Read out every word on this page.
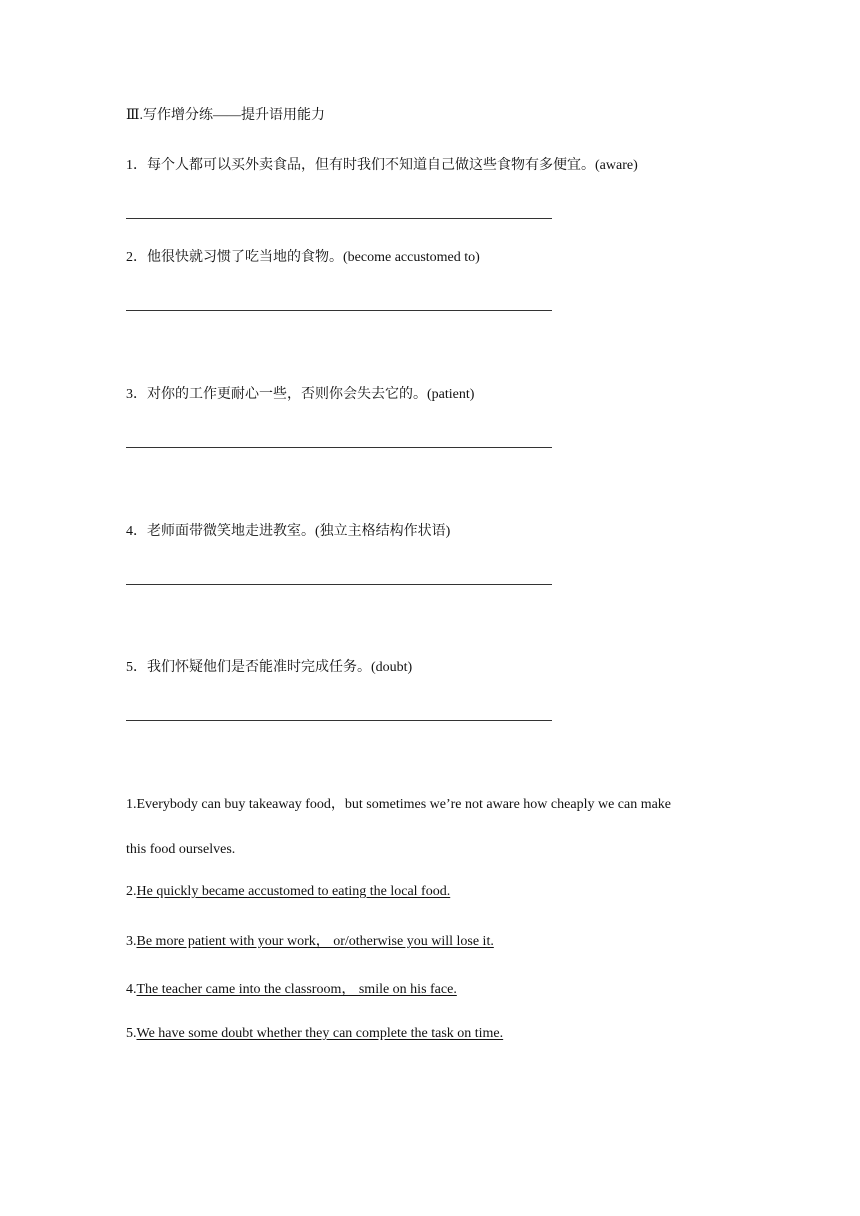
Ⅲ.写作增分练——提升语用能力
1．每个人都可以买外卖食品，但有时我们不知道自己做这些食物有多便宜。(aware)
2．他很快就习惯了吃当地的食物。(become accustomed to)
3．对你的工作更耐心一些，否则你会失去它的。(patient)
4．老师面带微笑地走进教室。(独立主格结构作状语)
5．我们怀疑他们是否能准时完成任务。(doubt)
1.Everybody can buy takeaway food，but sometimes we’re not aware how cheaply we can make
this food ourselves.
2.He quickly became accustomed to eating the local food.
3.Be more patient with your work， or/otherwise you will lose it.
4.The teacher came into the classroom， smile on his face.
5.We have some doubt whether they can complete the task on time.
